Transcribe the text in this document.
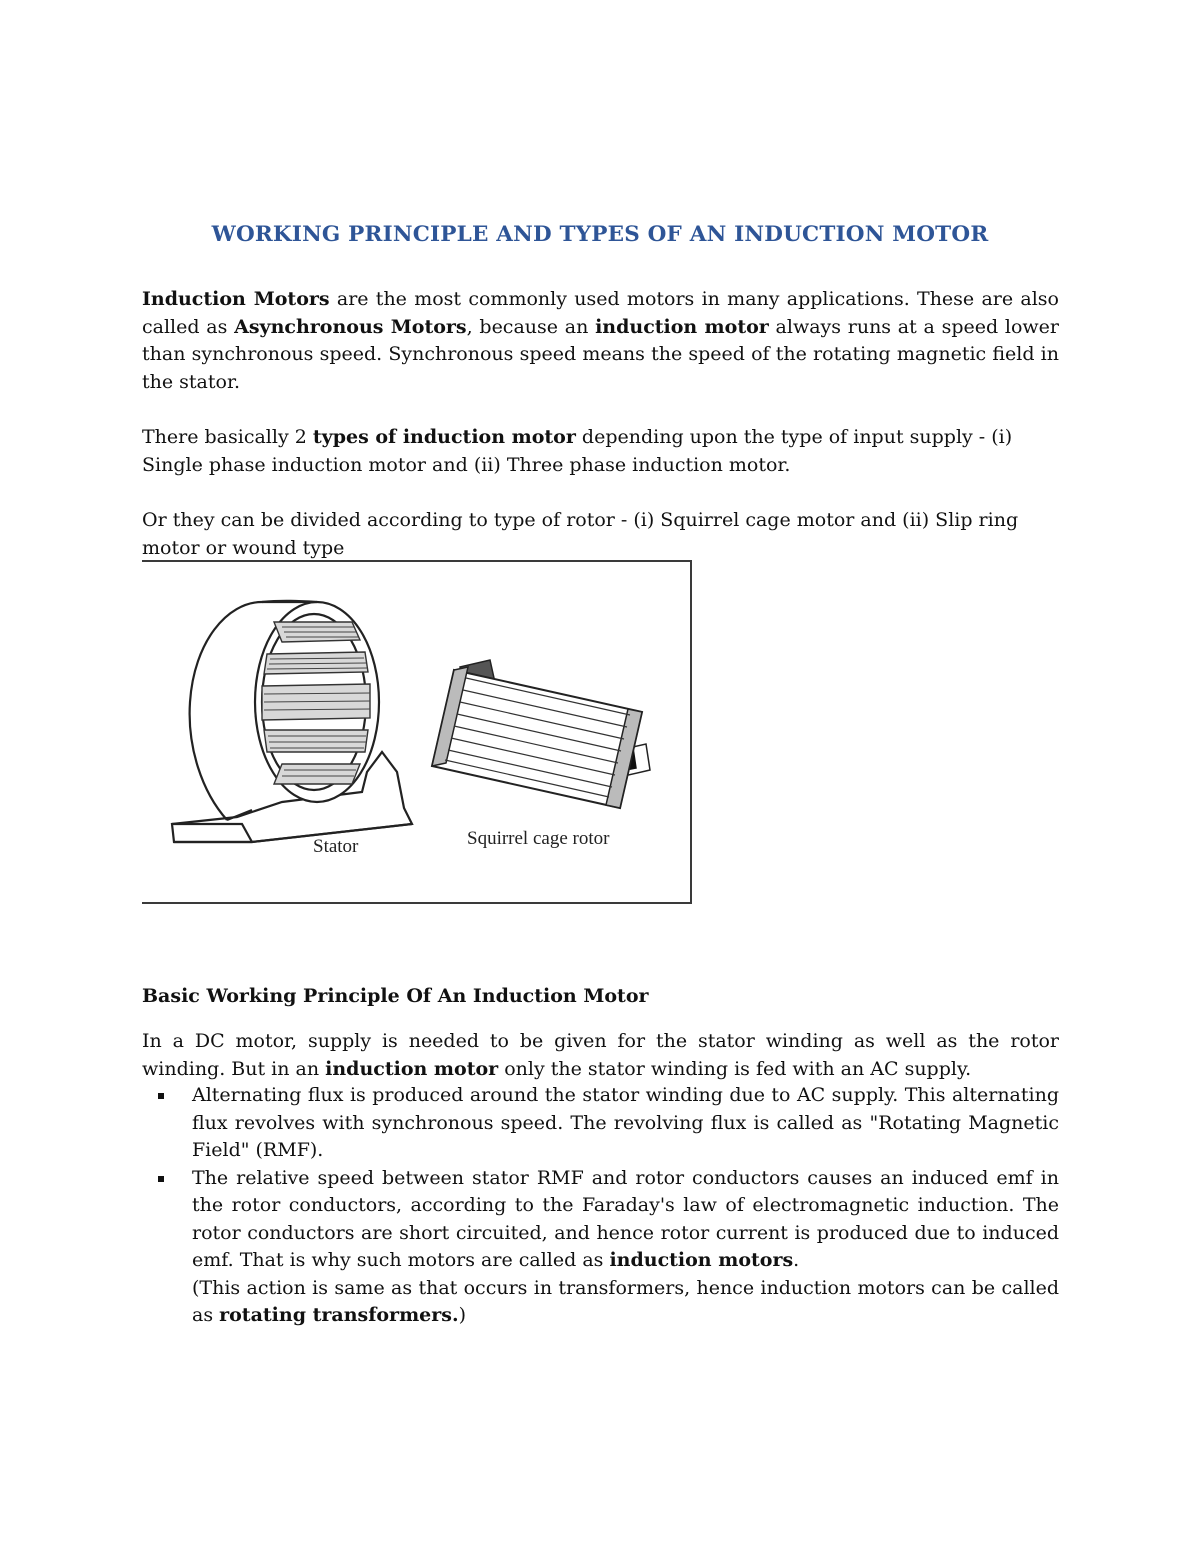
WORKING PRINCIPLE AND TYPES OF AN INDUCTION MOTOR

Induction Motors are the most commonly used motors in many applications. These are also called as Asynchronous Motors, because an induction motor always runs at a speed lower than synchronous speed. Synchronous speed means the speed of the rotating magnetic field in the stator.

There basically 2 types of induction motor depending upon the type of input supply - (i) Single phase induction motor and (ii) Three phase induction motor.

Or they can be divided according to type of rotor - (i) Squirrel cage motor and (ii) Slip ring motor or wound type

Stator	Squirrel cage rotor
Basic Working Principle Of An Induction Motor

In a DC motor, supply is needed to be given for the stator winding as well as the rotor winding. But in an induction motor only the stator winding is fed with an AC supply.

Alternating flux is produced around the stator winding due to AC supply. This alternating flux revolves with synchronous speed. The revolving flux is called as "Rotating Magnetic Field" (RMF).
The relative speed between stator RMF and rotor conductors causes an induced emf in the rotor conductors, according to the Faraday's law of electromagnetic induction. The rotor conductors are short circuited, and hence rotor current is produced due to induced emf. That is why such motors are called as induction motors.
(This action is same as that occurs in transformers, hence induction motors can be called as rotating transformers.)
